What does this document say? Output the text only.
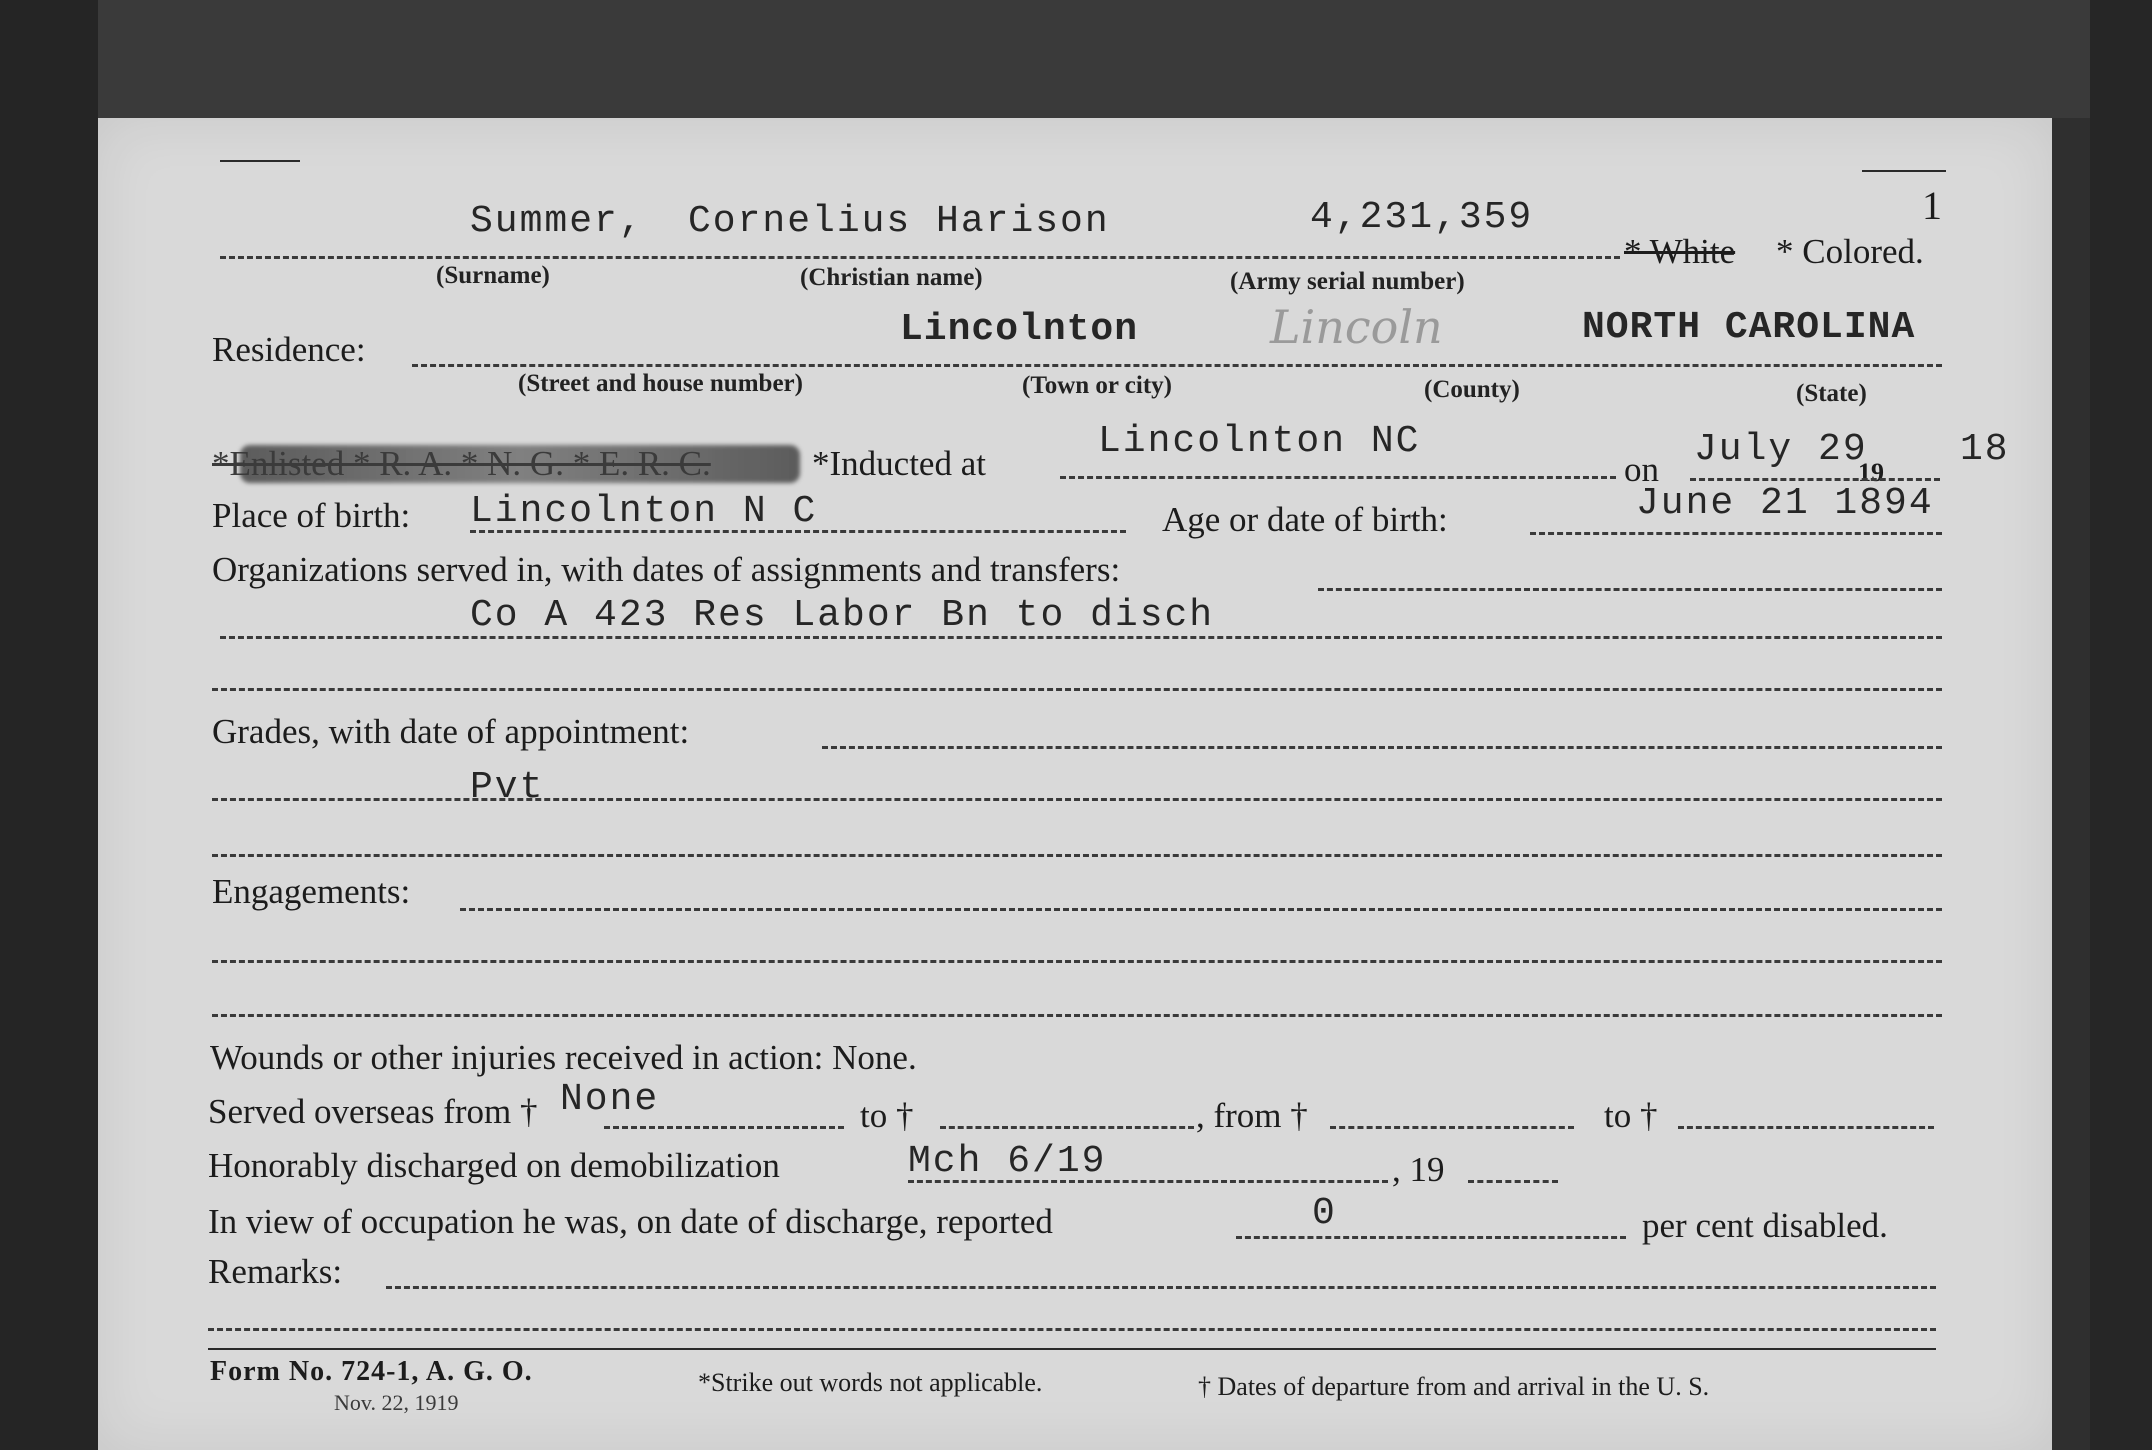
1
Summer, Cornelius Harison	4,231,359
* White * Colored.
(Surname)	(Christian name)	(Army serial number)
Residence:	Lincolnton	Lincoln	NORTH CAROLINA
(Street and house number)	(Town or city)	(County)	(State)
*Enlisted * R. A. * N. G. * E. R. C.	*Inducted at
Lincolnton NC
on July 29
19
18
Place of birth: Lincolnton N C	Age or date of birth:	June 21 1894
Organizations served in, with dates of assignments and transfers:
Co A 423 Res Labor Bn to disch
Grades, with date of appointment:
Pvt
Engagements:
Wounds or other injuries received in action: None.
Served overseas from † None	to †	, from †	to †
Honorably discharged on demobilization	Mch 6/19	, 19
In view of occupation he was, on date of discharge, reported	0	per cent disabled.
Remarks:
Form No. 724-1, A. G. O.
Nov. 22, 1919
*Strike out words not applicable.	† Dates of departure from and arrival in the U. S.
